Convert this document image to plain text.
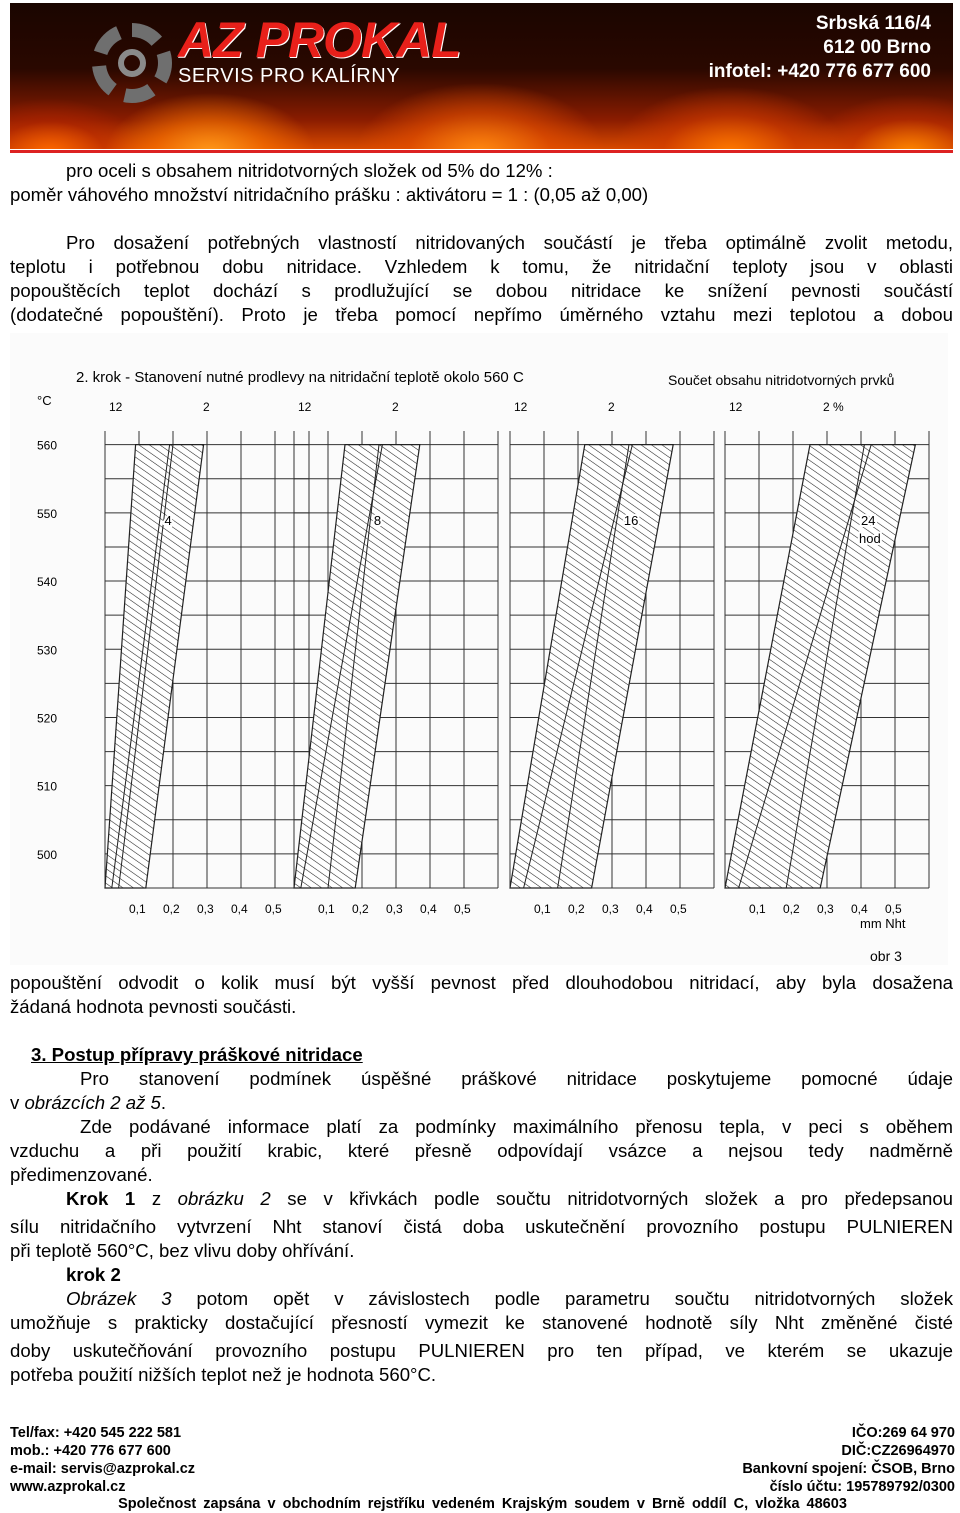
AZ PROKAL
SERVIS PRO KALÍRNY
Srbská 116/4
612 00 Brno
infotel: +420 776 677 600
pro oceli s obsahem nitridotvorných složek od 5% do 12% :
poměr váhového množství nitridačního prášku : aktivátoru = 1 : (0,05 až 0,00)
Pro dosažení potřebných vlastností nitridovaných součástí je třeba optimálně zvolit metodu,
teplotu i potřebnou dobu nitridace. Vzhledem k tomu, že nitridační teploty jsou v oblasti
popouštěcích teplot dochází s prodlužující se dobou nitridace ke snížení pevnosti součástí
(dodatečné popouštění). Proto je třeba pomocí nepřímo úměrného vztahu mezi teplotou a dobou
2. krok - Stanovení nutné prodlevy na nitridační teplotě okolo 560 C	Součet obsahu nitridotvorných prvků
°C
mm Nht
obr 3
560
550
540
530
520
510
500
12	2
4
0,1 0,2 0,3 0,4 0,5
12	2
8
0,1 0,2 0,3 0,4 0,5
12	2
16
0,1 0,2 0,3 0,4 0,5
12	2 %
24
hod
0,1 0,2 0,3 0,4 0,5
popouštění odvodit o kolik musí být vyšší pevnost před dlouhodobou nitridací, aby byla dosažena
žádaná hodnota pevnosti součásti.
3. Postup přípravy práškové nitridace
Pro stanovení podmínek úspěšné práškové nitridace poskytujeme pomocné údaje
v obrázcích 2 až 5.
Zde podávané informace platí za podmínky maximálního přenosu tepla, v peci s oběhem
vzduchu a při použití krabic, které přesně odpovídají vsázce a nejsou tedy nadměrně
předimenzované.
Krok 1 z obrázku 2 se v křivkách podle součtu nitridotvorných složek a pro předepsanou
sílu nitridačního vytvrzení Nht stanoví čistá doba uskutečnění provozního postupu PULNIEREN
při teplotě 560°C, bez vlivu doby ohřívání.
krok 2
Obrázek 3 potom opět v závislostech podle parametru součtu nitridotvorných složek
umožňuje s prakticky dostačující přesností vymezit ke stanovené hodnotě síly Nht změněné čisté
doby uskutečňování provozního postupu PULNIEREN pro ten případ, ve kterém se ukazuje
potřeba použití nižších teplot než je hodnota 560°C.
Tel/fax: +420 545 222 581
mob.: +420 776 677 600
IČO:269 64 970
DIČ:CZ26964970
e-mail: servis@azprokal.cz
www.azprokal.cz
Bankovní spojení: ČSOB, Brno
číslo účtu: 195789792/0300
Společnost zapsána v obchodním rejstříku vedeném Krajským soudem v Brně oddíl C, vložka 48603
